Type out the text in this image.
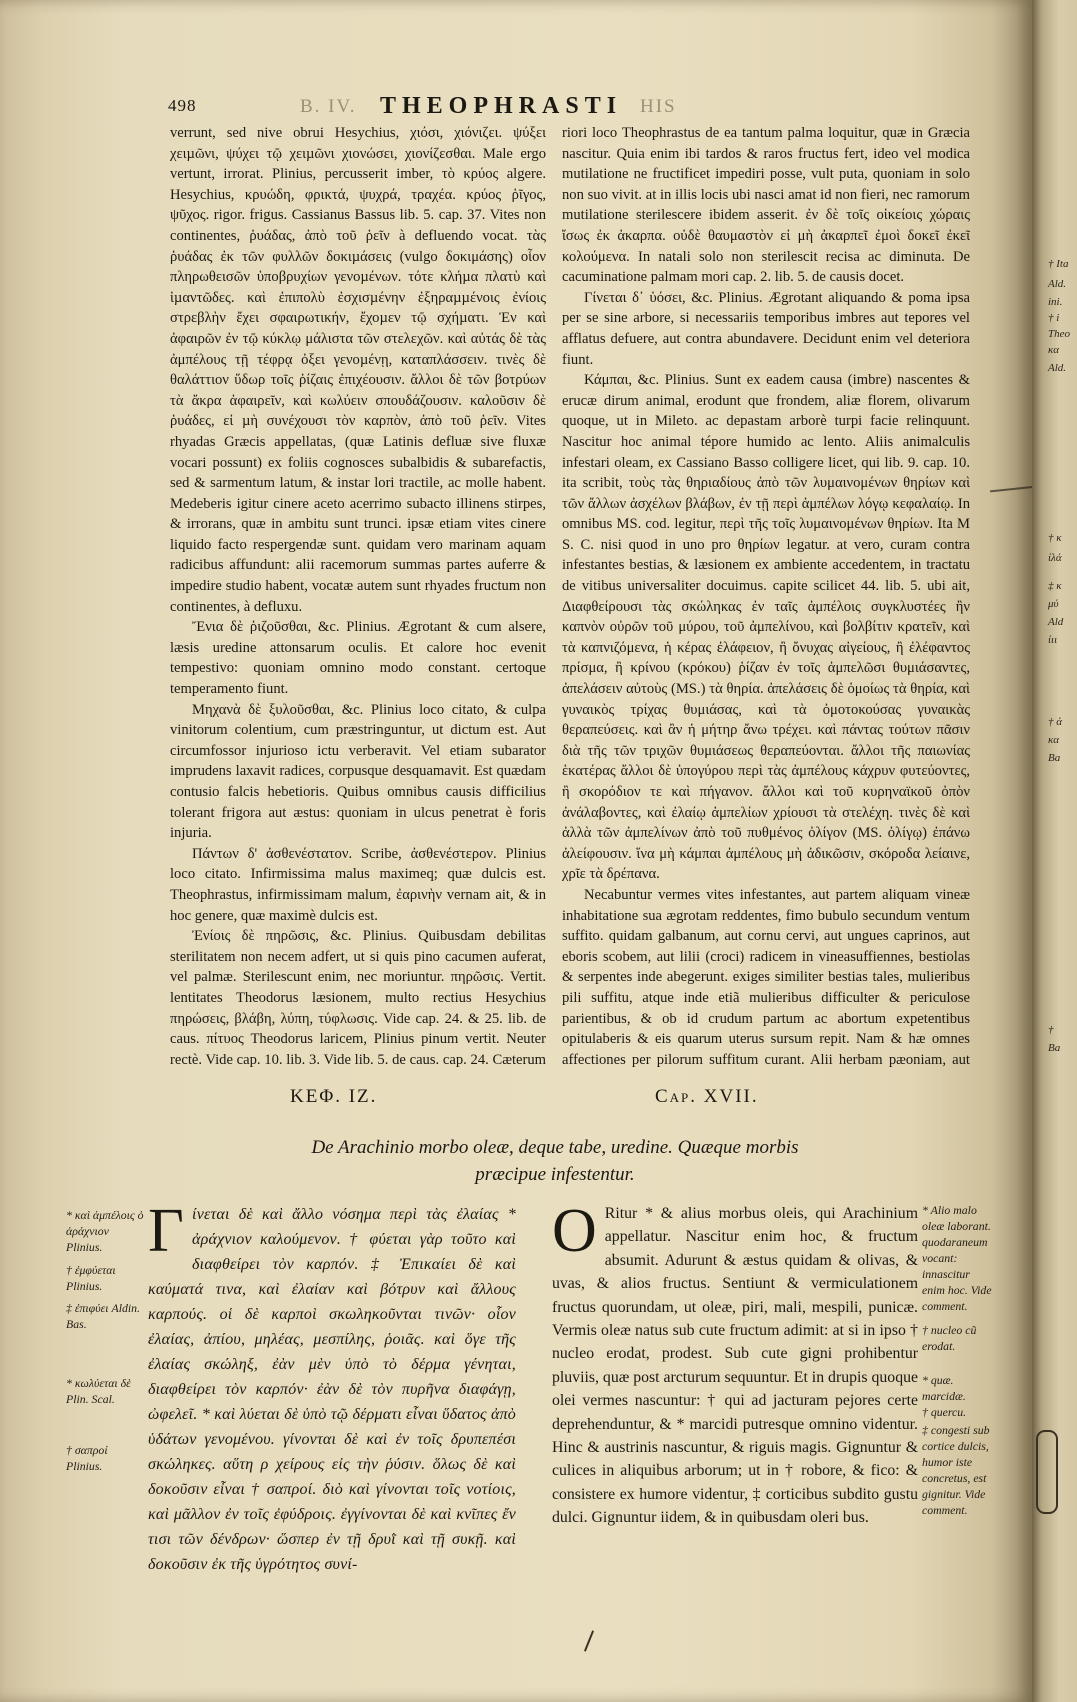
498	B. IV. THEOPHRASTI HIS

verrunt, sed nive obrui Hesychius, χιόσι, χιόνιζει. ψύξει χειµῶνι, ψύχει τῷ χειµῶνι χιονώσει, χιονίζεσθαι. Male ergo vertunt, irrorat. Plinius, percusserit imber, τὸ κρύος algere. Hesychius, κρυώδη, φρικτά, ψυχρά, τραχέα. κρύος ῥῖγος, ψῦχος. rigor. frigus. Cassianus Bassus lib. 5. cap. 37. Vites non continentes, ῥυάδας, ἀπὸ τοῦ ῥεῖν à defluendo vocat. τὰς ῥυάδας ἐκ τῶν φυλλῶν δοκιµάσεις (vulgo δοκιμάσης) οἷον πληρωθεισῶν ὑποβρυχίων γενοµένων. τότε κλήµα πλατὺ καὶ ἱµαντῶδες. καὶ ἐπιπολὺ ἐσχισµένην ἐξηραµµένοις ἐνίοις στρεβλὴν ἔχει σφαιρωτικήν, ἔχοµεν τῷ σχήµατι. Ἐν καὶ ἀφαιρῶν ἐν τῷ κύκλῳ μάλιστα τῶν στελεχῶν. καὶ αὐτάς δὲ τὰς ἀμπέλους τῇ τέφρᾳ ὀξει γενοµένῃ, καταπλάσσειν. τινὲς δὲ θαλάττιον ὕδωρ τοῖς ῥίζαις ἐπιχέουσιν. ἄλλοι δὲ τῶν βοτρύων τὰ ἄκρα ἀφαιρεῖν, καὶ κωλύειν σπουδάζουσιν. καλοῦσιν δὲ ῥυάδες, εἰ µὴ συνέχουσι τὸν καρπὸν, ἀπὸ τοῦ ῥεῖν. Vites rhyadas Græcis appellatas, (quæ Latinis defluæ sive fluxæ vocari possunt) ex foliis cognosces subalbidis & subarefactis, sed & sarmentum latum, & instar lori tractile, ac molle habent. Medeberis igitur cinere aceto acerrimo subacto illinens stirpes, & irrorans, quæ in ambitu sunt trunci. ipsæ etiam vites cinere liquido facto respergendæ sunt. quidam vero marinam aquam radicibus affundunt: alii racemorum summas partes auferre & impedire studio habent, vocatæ autem sunt rhyades fructum non continentes, à defluxu.

Ἔνια δὲ ῥιζοῦσθαι, &c. Plinius. Ægrotant & cum alsere, læsis uredine attonsarum oculis. Et calore hoc evenit tempestivo: quoniam omnino modo constant. certoque temperamento fiunt.

Μηχανὰ δὲ ξυλοῦσθαι, &c. Plinius loco citato, & culpa vinitorum colentium, cum præstringuntur, ut dictum est. Aut circumfossor injurioso ictu verberavit. Vel etiam subarator imprudens laxavit radices, corpusque desquamavit. Est quædam contusio falcis hebetioris. Quibus omnibus causis difficilius tolerant frigora aut æstus: quoniam in ulcus penetrat è foris injuria.

Πάντων δ' ἀσθενέστατον. Scribe, ἀσθενέστερον. Plinius loco citato. Infirmissima malus maximeq; quæ dulcis est. Theophrastus, infirmissimam malum, ἐαρινὴν vernam ait, & in hoc genere, quæ maximè dulcis est.

Ἐνίοις δὲ πηρῶσις, &c. Plinius. Quibusdam debilitas sterilitatem non necem adfert, ut si quis pino cacumen auferat, vel palmæ. Sterilescunt enim, nec moriuntur. πηρῶσις. Vertit. lentitates Theodorus læsionem, multo rectius Hesychius πηρώσεις, βλάβη, λύπη, τύφλωσις. Vide cap. 24. & 25. lib. de caus. πίτυος Theodorus laricem, Plinius pinum vertit. Neuter rectè. Vide cap. 10. lib. 3. Vide lib. 5. de caus. cap. 24. Cæterum

riori loco Theophrastus de ea tantum palma loquitur, quæ in Græcia nascitur. Quia enim ibi tardos & raros fructus fert, ideo vel modica mutilatione ne fructificet impediri posse, vult puta, quoniam in solo non suo vivit. at in illis locis ubi nasci amat id non fieri, nec ramorum mutilatione sterilescere ibidem asserit. ἐν δὲ τοῖς οἰκείοις χώραις ἴσως ἐκ ἀκαρπα. οὐδὲ θαυμαστὸν εἰ μὴ ἀκαρπεῖ ἐμοὶ δοκεῖ ἐκεῖ κολούμενα. In natali solo non sterilescit recisa ac diminuta. De cacuminatione palmam mori cap. 2. lib. 5. de causis docet.

Γίνεται δ᾽ ὑόσει, &c. Plinius. Ægrotant aliquando & poma ipsa per se sine arbore, si necessariis temporibus imbres aut tepores vel afflatus defuere, aut contra abundavere. Decidunt enim vel deteriora fiunt.

Κάμπαι, &c. Plinius. Sunt ex eadem causa (imbre) nascentes & erucæ dirum animal, erodunt que frondem, aliæ florem, olivarum quoque, ut in Mileto. ac depastam arborè turpi facie relinquunt. Nascitur hoc animal tépore humido ac lento. Aliis animalculis infestari oleam, ex Cassiano Basso colligere licet, qui lib. 9. cap. 10. ita scribit, τοὺς τὰς θηριαδίους ἀπὸ τῶν λυμαινομένων θηρίων καὶ τῶν ἄλλων ἀσχέλων βλάβων, ἐν τῇ περὶ ἀμπέλων λόγῳ κεφαλαίῳ. In omnibus MS. cod. legitur, περὶ τῆς τοῖς λυμαινομένων θηρίων. Ita M S. C. nisi quod in uno pro θηρίων legatur. at vero, curam contra infestantes bestias, & læsionem ex ambiente accedentem, in tractatu de vitibus universaliter docuimus. capite scilicet 44. lib. 5. ubi ait, Διαφθείρουσι τὰς σκώληκας ἐν ταῖς ἀμπέλοις συγκλυστέες ἢν καπνὸν οὐρῶν τοῦ μύρου, τοῦ ἀμπελίνου, καὶ βολβίτιν κρατεῖν, καὶ τὰ καπνιζόμενα, ἡ κέρας ἐλάφειον, ἢ ὄνυχας αἰγείους, ἢ ἐλέφαντος πρίσμα, ἢ κρίνου (κρόκου) ῥίζαν ἐν τοῖς ἀμπελῶσι θυμιάσαντες, ἀπελάσειν αὐτοὺς (MS.) τὰ θηρία. ἀπελάσεις δὲ ὁμοίως τὰ θηρία, καὶ γυναικὸς τρίχας θυμιάσας, καὶ τὰ ὀμοτοκούσας γυναικὰς θεραπεύσεις. καὶ ἂν ἡ μήτηρ ἄνω τρέχει. καὶ πάντας τούτων πᾶσιν διὰ τῆς τῶν τριχῶν θυμιάσεως θεραπεύονται. ἄλλοι τῆς παιωνίας ἑκατέρας ἄλλοι δὲ ὑπογύρου περὶ τὰς ἀμπέλους κάχρυν φυτεύοντες, ἢ σκορόδιον τε καὶ πήγανον. ἄλλοι καὶ τοῦ κυρηναϊκοῦ ὀπὸν ἀνάλαβοντες, καὶ ἐλαίῳ ἀμπελίων χρίουσι τὰ στελέχη. τινὲς δὲ καὶ ἀλλὰ τῶν ἀμπελίνων ἀπὸ τοῦ πυθμένος ὀλίγον (MS. ὀλίγῳ) ἐπάνω ἀλείφουσιν. ἵνα μὴ κάμπαι ἀμπέλους μὴ ἀδικῶσιν, σκόροδα λείαινε, χρῖε τὰ δρέπανα.

Necabuntur vermes vites infestantes, aut partem aliquam vineæ inhabitatione sua ægrotam reddentes, fimo bubulo secundum ventum suffito. quidam galbanum, aut cornu cervi, aut ungues caprinos, aut eboris scobem, aut lilii (croci) radicem in vineasuffiennes, bestiolas & serpentes inde abegerunt. exiges similiter bestias tales, mulieribus pili suffitu, atque inde etiã mulieribus difficulter & periculose parientibus, & ob id crudum partum ac abortum expetentibus opitulaberis & eis quarum uterus sursum repit. Nam & hæ omnes affectiones per pilorum suffitum curant. Alii herbam pæoniam, aut

ΚΕΦ. ΙΖ.	Cap. XVII.
De Arachinio morbo oleæ, deque tabe, uredine. Quæque morbis
præcipue infestentur.
* καὶ ἀμπέλοις ὁ ἀράχνιον Plinius.
† ἐμφύεται Plinius.
‡ ἐπιφύει Aldin. Bas.
* κωλύεται δὲ Plin. Scal.
† σαπροί Plinius.
Γ ίνεται δὲ καὶ ἄλλο νόσημα περὶ τὰς ἐλαίας * ἀράχνιον καλούμενον. † φύεται γὰρ τοῦτο καὶ διαφθείρει τὸν καρπόν. ‡ Ἐπικαίει δὲ καὶ καύματά τινα, καὶ ἐλαίαν καὶ βότρυν καὶ ἄλλους καρπούς. οἱ δὲ καρποὶ σκωληκοῦνται τινῶν· οἷον ἐλαίας, ἀπίου, μηλέας, μεσπίλης, ῥοιᾶς. καὶ ὅγε τῆς ἐλαίας σκώληξ, ἐὰν μὲν ὑπὸ τὸ δέρμα γένηται, διαφθείρει τὸν καρπόν· ἐὰν δὲ τὸν πυρῆνα διαφάγῃ, ὠφελεῖ. * καὶ λύεται δὲ ὑπὸ τῷ δέρματι εἶναι ὕδατος ἀπὸ ὑδάτων γενομένου. γίνονται δὲ καὶ ἐν τοῖς δρυπεπέσι σκώληκες. αὕτη ρ χείρους εἰς τὴν ῥύσιν. ὅλως δὲ καὶ δοκοῦσιν εἶναι † σαπροί. διὸ καὶ γίνονται τοῖς νοτίοις, καὶ μᾶλλον ἐν τοῖς ἐφύδροις. ἐγγίνονται δὲ καὶ κνῖπες ἔν τισι τῶν δένδρων· ὥσπερ ἐν τῇ δρυῒ καὶ τῇ συκῇ. καὶ δοκοῦσιν ἐκ τῆς ὑγρότητος συνί-
O Ritur * & alius morbus oleis, qui Arachinium appellatur. Nascitur enim hoc, & fructum absumit. Adurunt & æstus quidam & olivas, & uvas, & alios fructus. Sentiunt & vermiculationem fructus quorundam, ut oleæ, piri, mali, mespili, punicæ. Vermis oleæ natus sub cute fructum adimit: at si in ipso † nucleo erodat, prodest. Sub cute gigni prohibentur pluviis, quæ post arcturum sequuntur. Et in drupis quoque olei vermes nascuntur: † qui ad jacturam pejores certe deprehenduntur, & * marcidi putresque omnino videntur. Hinc & austrinis nascuntur, & riguis magis. Gignuntur & culices in aliquibus arborum; ut in † robore, & fico: & consistere ex humore videntur, ‡ corticibus subdito gustu dulci. Gignuntur iidem, & in quibusdam oleri bus.
* Alio malo oleæ laborant. quodaraneum vocant: innascitur enim hoc. Vide comment.
† nucleo cũ erodat.
* quæ. marcidæ.
† quercu.
‡ congesti sub cortice dulcis, humor iste concretus, est gignitur. Vide comment.
† Ita
Ald.
ini.
† i
Theo
κα
Ald.
† κ
ίλά
‡ κ
μύ
Ald
ίιι
† ά
κα
Ba
†
Ba
